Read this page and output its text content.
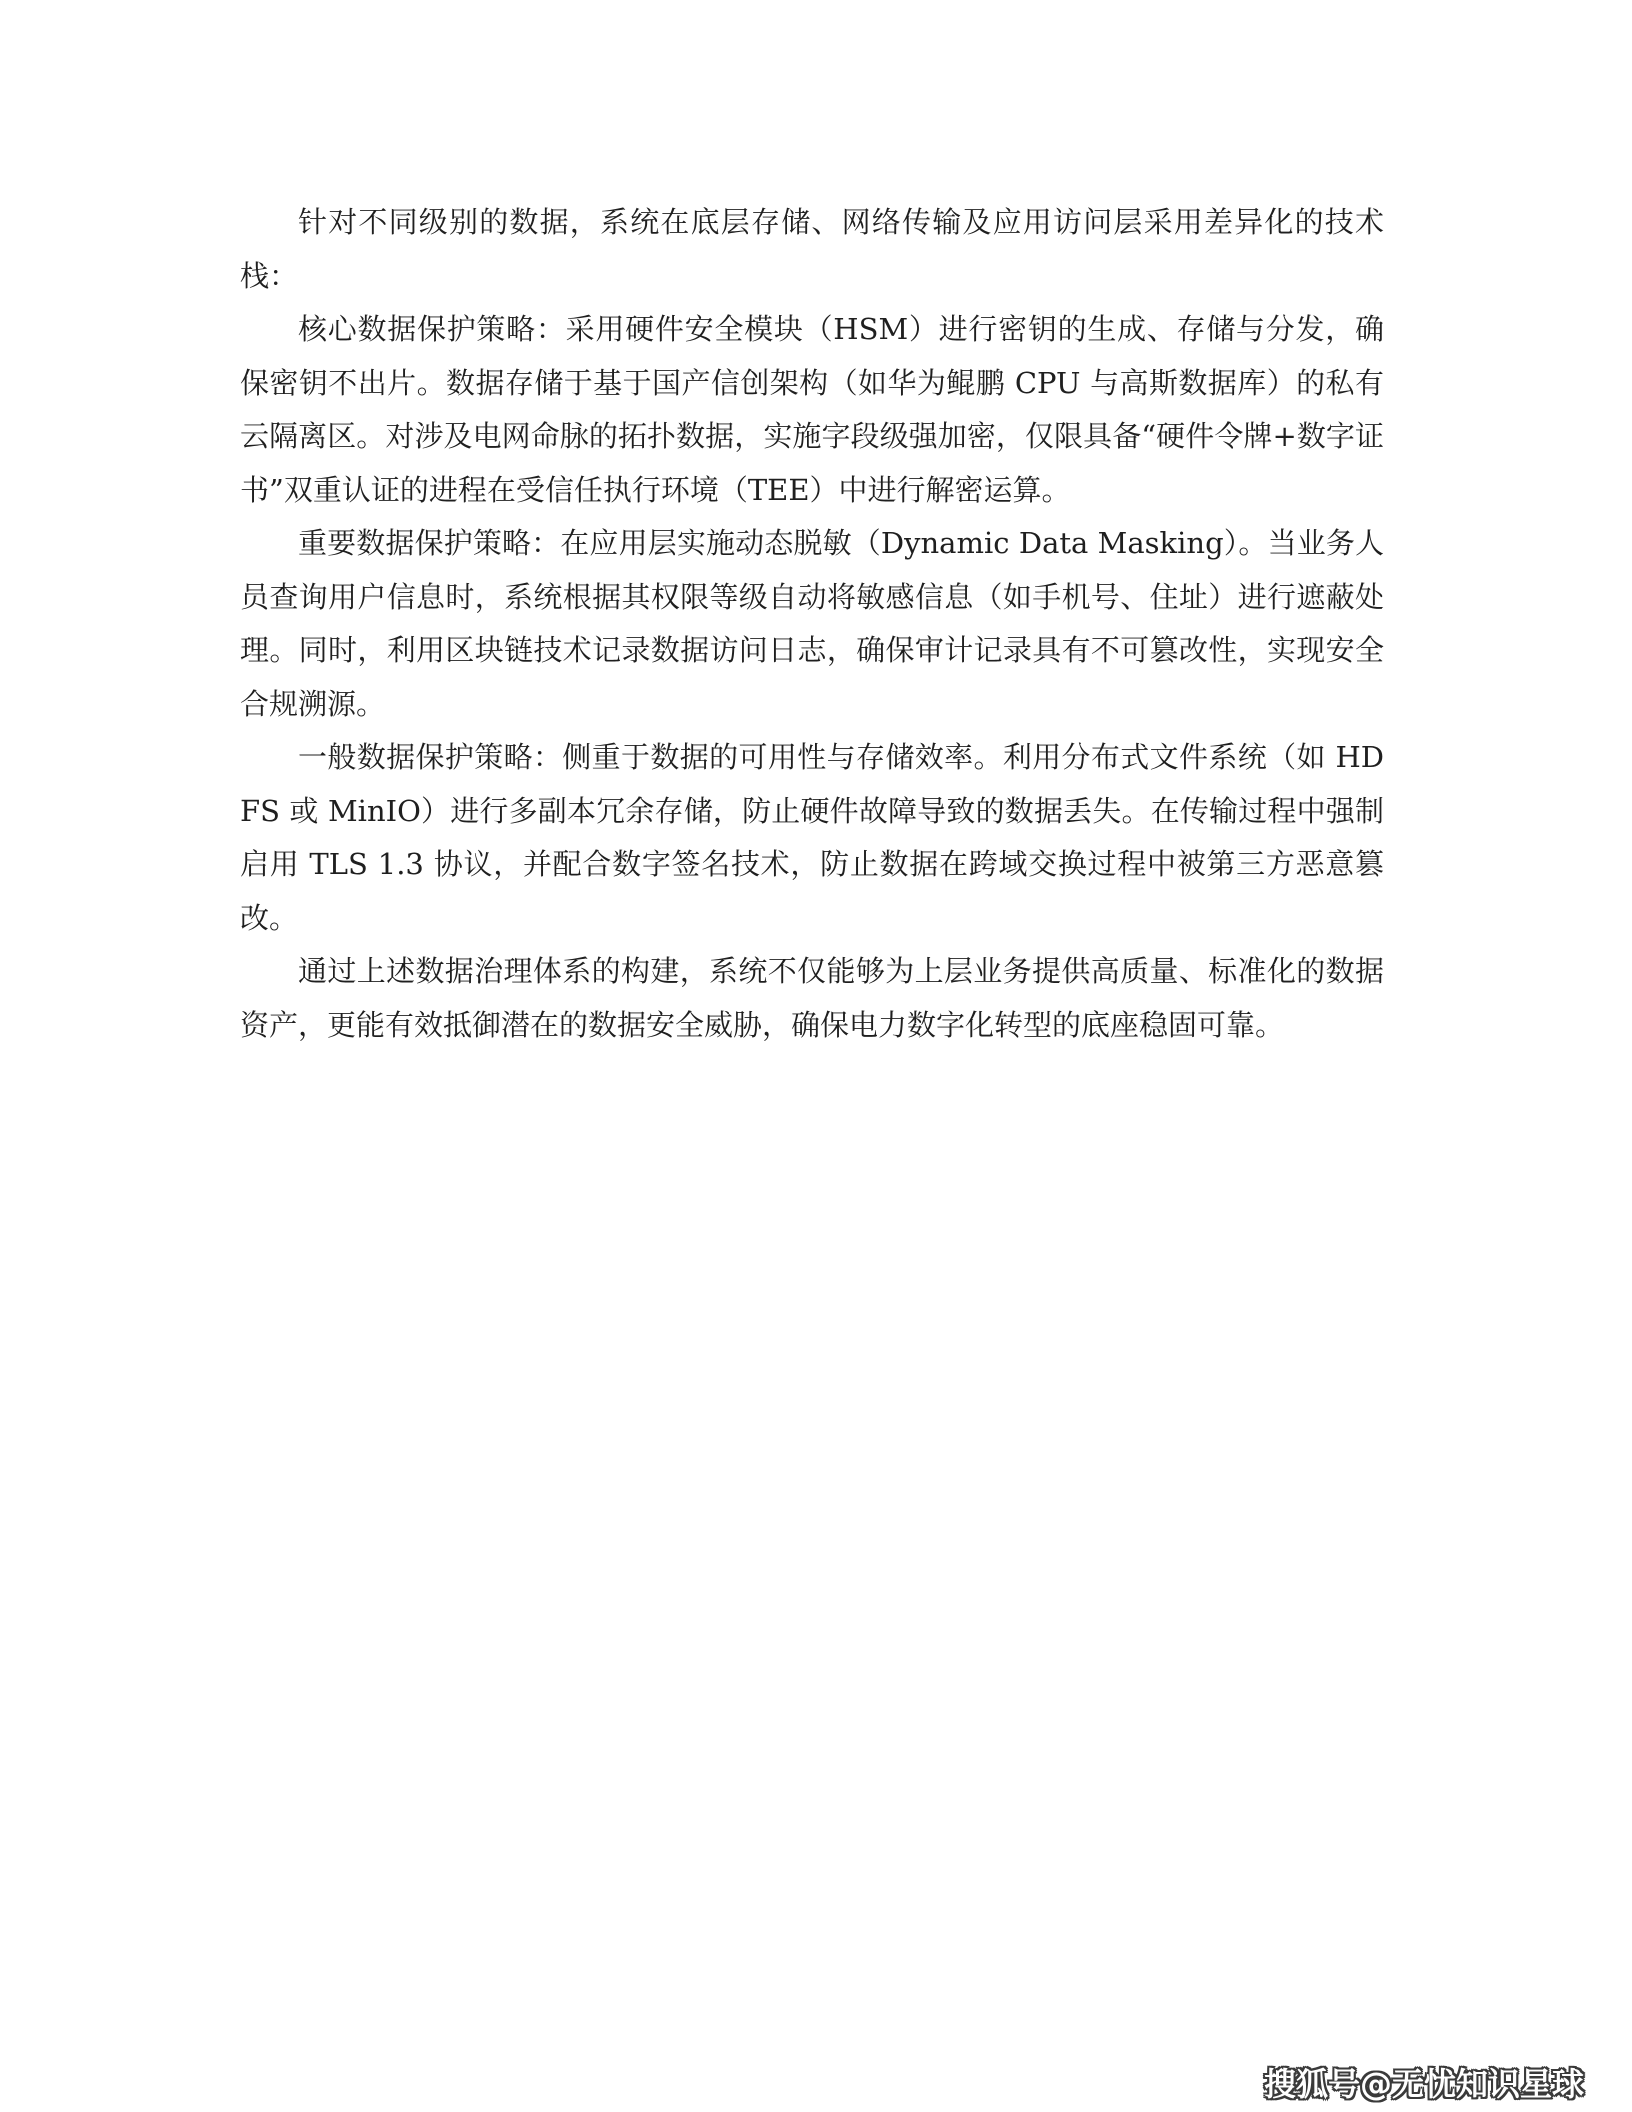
针对不同级别的数据，系统在底层存储、网络传输及应用访问层采用差异化的技术栈：

核心数据保护策略：采用硬件安全模块（HSM）进行密钥的生成、存储与分发，确保密钥不出片。数据存储于基于国产信创架构（如华为鲲鹏 CPU 与高斯数据库）的私有云隔离区。对涉及电网命脉的拓扑数据，实施字段级强加密，仅限具备“硬件令牌+数字证书”双重认证的进程在受信任执行环境（TEE）中进行解密运算。

重要数据保护策略：在应用层实施动态脱敏（Dynamic Data Masking）。当业务人员查询用户信息时，系统根据其权限等级自动将敏感信息（如手机号、住址）进行遮蔽处理。同时，利用区块链技术记录数据访问日志，确保审计记录具有不可篡改性，实现安全合规溯源。

一般数据保护策略：侧重于数据的可用性与存储效率。利用分布式文件系统（如 HDFS 或 MinIO）进行多副本冗余存储，防止硬件故障导致的数据丢失。在传输过程中强制启用 TLS 1.3 协议，并配合数字签名技术，防止数据在跨域交换过程中被第三方恶意篡改。

通过上述数据治理体系的构建，系统不仅能够为上层业务提供高质量、标准化的数据资产，更能有效抵御潜在的数据安全威胁，确保电力数字化转型的底座稳固可靠。

搜狐号@无忧知识星球
